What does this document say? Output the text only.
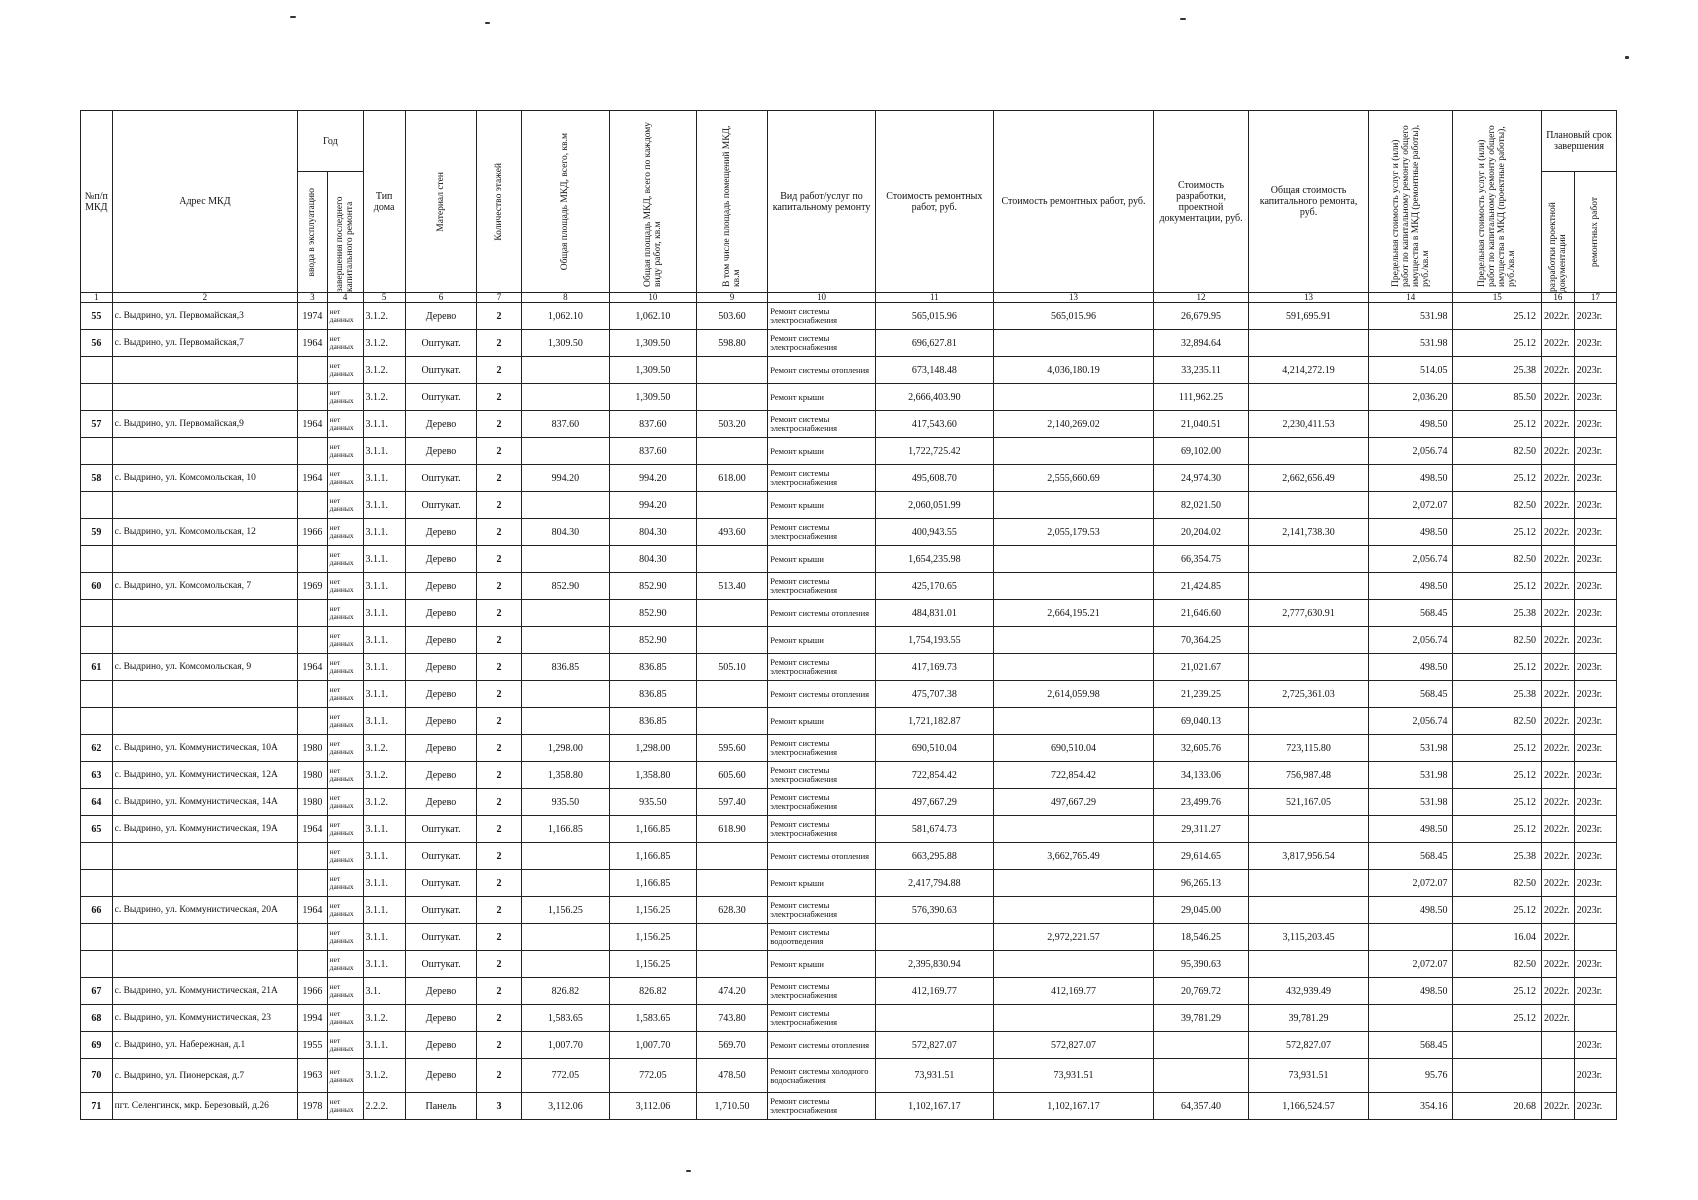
№п/п МКД	Адрес МКД	Год		Тип дома	Материал стен	Количество этажей	Общая площадь МКД, всего, кв.м	Общая площадь МКД, всего по каждому виду работ, кв.м	В том числе площадь помещений МКД, кв.м	Вид работ/услуг по капитальному ремонту	Стоимость ремонтных работ, руб.	Стоимость ремонтных работ, руб.	Стоимость разработки, проектной документации, руб.	Общая стоимость капитального ремонта, руб.	Предельная стоимость услуг и (или) работ по капитальному ремонту общего имущества в МКД (ремонтные работы), руб./кв.м	Предельная стоимость услуг и (или) работ по капитальному ремонту общего имущества в МКД (проектные работы), руб./кв.м	Плановый срок завершения	

		ввода в эксплуатацию	завершения последнего капитального ремонта														разработки проектной документации	ремонтных работ

1	2	3	4	5	6	7	8	10	9	10	11	13	12	13	14	15	16	17
55	с. Выдрино, ул. Первомайская,3	1974	нет данных	3.1.2.	Дерево	2	1,062.10	1,062.10	503.60	Ремонт системы электроснабжения	565,015.96	565,015.96	26,679.95	591,695.91	531.98	25.12	2022г.	2023г.
56	с. Выдрино, ул. Первомайская,7	1964	нет данных	3.1.2.	Оштукат.	2	1,309.50	1,309.50	598.80	Ремонт системы электроснабжения	696,627.81		32,894.64		531.98	25.12	2022г.	2023г.
			нет данных	3.1.2.	Оштукат.	2		1,309.50		Ремонт системы отопления	673,148.48	4,036,180.19	33,235.11	4,214,272.19	514.05	25.38	2022г.	2023г.
			нет данных	3.1.2.	Оштукат.	2		1,309.50		Ремонт крыши	2,666,403.90		111,962.25		2,036.20	85.50	2022г.	2023г.
57	с. Выдрино, ул. Первомайская,9	1964	нет данных	3.1.1.	Дерево	2	837.60	837.60	503.20	Ремонт системы электроснабжения	417,543.60	2,140,269.02	21,040.51	2,230,411.53	498.50	25.12	2022г.	2023г.
			нет данных	3.1.1.	Дерево	2		837.60		Ремонт крыши	1,722,725.42		69,102.00		2,056.74	82.50	2022г.	2023г.
58	с. Выдрино, ул. Комсомольская, 10	1964	нет данных	3.1.1.	Оштукат.	2	994.20	994.20	618.00	Ремонт системы электроснабжения	495,608.70	2,555,660.69	24,974.30	2,662,656.49	498.50	25.12	2022г.	2023г.
			нет данных	3.1.1.	Оштукат.	2		994.20		Ремонт крыши	2,060,051.99		82,021.50		2,072.07	82.50	2022г.	2023г.
59	с. Выдрино, ул. Комсомольская, 12	1966	нет данных	3.1.1.	Дерево	2	804.30	804.30	493.60	Ремонт системы электроснабжения	400,943.55	2,055,179.53	20,204.02	2,141,738.30	498.50	25.12	2022г.	2023г.
			нет данных	3.1.1.	Дерево	2		804.30		Ремонт крыши	1,654,235.98		66,354.75		2,056.74	82.50	2022г.	2023г.
60	с. Выдрино, ул. Комсомольская, 7	1969	нет данных	3.1.1.	Дерево	2	852.90	852.90	513.40	Ремонт системы электроснабжения	425,170.65		21,424.85		498.50	25.12	2022г.	2023г.
			нет данных	3.1.1.	Дерево	2		852.90		Ремонт системы отопления	484,831.01	2,664,195.21	21,646.60	2,777,630.91	568.45	25.38	2022г.	2023г.
			нет данных	3.1.1.	Дерево	2		852.90		Ремонт крыши	1,754,193.55		70,364.25		2,056.74	82.50	2022г.	2023г.
61	с. Выдрино, ул. Комсомольская, 9	1964	нет данных	3.1.1.	Дерево	2	836.85	836.85	505.10	Ремонт системы электроснабжения	417,169.73		21,021.67		498.50	25.12	2022г.	2023г.
			нет данных	3.1.1.	Дерево	2		836.85		Ремонт системы отопления	475,707.38	2,614,059.98	21,239.25	2,725,361.03	568.45	25.38	2022г.	2023г.
			нет данных	3.1.1.	Дерево	2		836.85		Ремонт крыши	1,721,182.87		69,040.13		2,056.74	82.50	2022г.	2023г.
62	с. Выдрино, ул. Коммунистическая, 10А	1980	нет данных	3.1.2.	Дерево	2	1,298.00	1,298.00	595.60	Ремонт системы электроснабжения	690,510.04	690,510.04	32,605.76	723,115.80	531.98	25.12	2022г.	2023г.
63	с. Выдрино, ул. Коммунистическая, 12А	1980	нет данных	3.1.2.	Дерево	2	1,358.80	1,358.80	605.60	Ремонт системы электроснабжения	722,854.42	722,854.42	34,133.06	756,987.48	531.98	25.12	2022г.	2023г.
64	с. Выдрино, ул. Коммунистическая, 14А	1980	нет данных	3.1.2.	Дерево	2	935.50	935.50	597.40	Ремонт системы электроснабжения	497,667.29	497,667.29	23,499.76	521,167.05	531.98	25.12	2022г.	2023г.
65	с. Выдрино, ул. Коммунистическая, 19А	1964	нет данных	3.1.1.	Оштукат.	2	1,166.85	1,166.85	618.90	Ремонт системы электроснабжения	581,674.73		29,311.27		498.50	25.12	2022г.	2023г.
			нет данных	3.1.1.	Оштукат.	2		1,166.85		Ремонт системы отопления	663,295.88	3,662,765.49	29,614.65	3,817,956.54	568.45	25.38	2022г.	2023г.
			нет данных	3.1.1.	Оштукат.	2		1,166.85		Ремонт крыши	2,417,794.88		96,265.13		2,072.07	82.50	2022г.	2023г.
66	с. Выдрино, ул. Коммунистическая, 20А	1964	нет данных	3.1.1.	Оштукат.	2	1,156.25	1,156.25	628.30	Ремонт системы электроснабжения	576,390.63		29,045.00		498.50	25.12	2022г.	2023г.
			нет данных	3.1.1.	Оштукат.	2		1,156.25		Ремонт системы водоотведения		2,972,221.57	18,546.25	3,115,203.45		16.04	2022г.	
			нет данных	3.1.1.	Оштукат.	2		1,156.25		Ремонт крыши	2,395,830.94		95,390.63		2,072.07	82.50	2022г.	2023г.
67	с. Выдрино, ул. Коммунистическая, 21А	1966	нет данных	3.1.	Дерево	2	826.82	826.82	474.20	Ремонт системы электроснабжения	412,169.77	412,169.77	20,769.72	432,939.49	498.50	25.12	2022г.	2023г.
68	с. Выдрино, ул. Коммунистическая, 23	1994	нет данных	3.1.2.	Дерево	2	1,583.65	1,583.65	743.80	Ремонт системы электроснабжения			39,781.29	39,781.29		25.12	2022г.	
69	с. Выдрино, ул. Набережная, д.1	1955	нет данных	3.1.1.	Дерево	2	1,007.70	1,007.70	569.70	Ремонт системы отопления	572,827.07	572,827.07		572,827.07	568.45			2023г.
70	с. Выдрино, ул. Пионерская, д.7	1963	нет данных	3.1.2.	Дерево	2	772.05	772.05	478.50	Ремонт системы холодного водоснабжения	73,931.51	73,931.51		73,931.51	95.76			2023г.
71	пгт. Селенгинск, мкр. Березовый, д.26	1978	нет данных	2.2.2.	Панель	3	3,112.06	3,112.06	1,710.50	Ремонт системы электроснабжения	1,102,167.17	1,102,167.17	64,357.40	1,166,524.57	354.16	20.68	2022г.	2023г.
